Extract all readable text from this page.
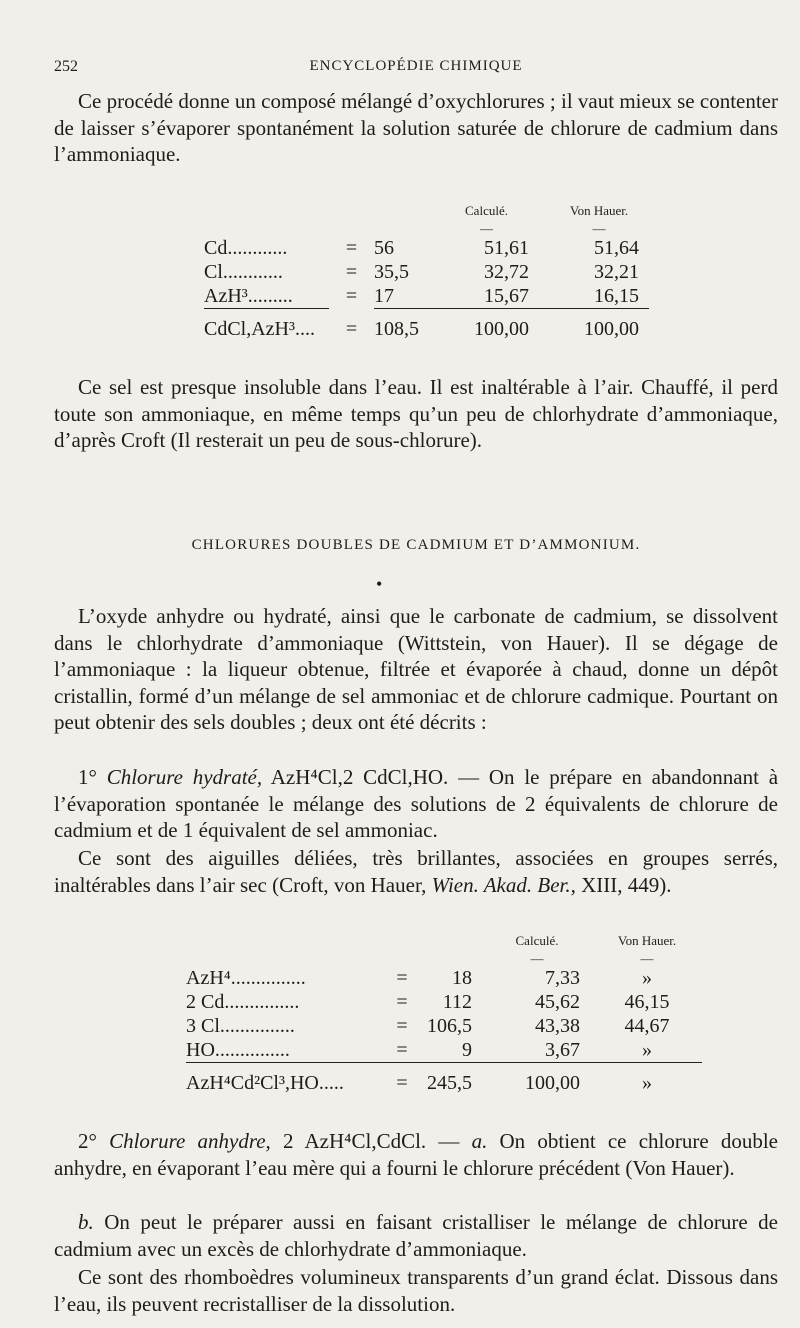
252	ENCYCLOPÉDIE CHIMIQUE

Ce procédé donne un composé mélangé d’oxychlorures ; il vaut mieux se contenter de laisser s’évaporer spontanément la solution saturée de chlorure de cadmium dans l’ammoniaque.

			Calculé.	Von Hauer.
			—	—
Cd............	=	56	51,61	51,64
Cl............	=	35,5	32,72	32,21
AzH³.........	=	17	15,67	16,15

CdCl,AzH³....	=	108,5	100,00	100,00

Ce sel est presque insoluble dans l’eau. Il est inaltérable à l’air. Chauffé, il perd toute son ammoniaque, en même temps qu’un peu de chlorhydrate d’ammoniaque, d’après Croft (Il resterait un peu de sous-chlorure).

CHLORURES DOUBLES DE CADMIUM ET D’AMMONIUM.
•

L’oxyde anhydre ou hydraté, ainsi que le carbonate de cadmium, se dissolvent dans le chlorhydrate d’ammoniaque (Wittstein, von Hauer). Il se dégage de l’ammoniaque : la liqueur obtenue, filtrée et évaporée à chaud, donne un dépôt cristallin, formé d’un mélange de sel ammoniac et de chlorure cadmique. Pourtant on peut obtenir des sels doubles ; deux ont été décrits :

1° Chlorure hydraté, AzH⁴Cl,2 CdCl,HO. — On le prépare en abandonnant à l’évaporation spontanée le mélange des solutions de 2 équivalents de chlorure de cadmium et de 1 équivalent de sel ammoniac.

Ce sont des aiguilles déliées, très brillantes, associées en groupes serrés, inaltérables dans l’air sec (Croft, von Hauer, Wien. Akad. Ber., XIII, 449).

			Calculé.	Von Hauer.
			—	—
AzH⁴...............	=	18	7,33	»
2 Cd...............	=	112	45,62	46,15
3 Cl...............	=	106,5	43,38	44,67
HO...............	=	9	3,67	»

AzH⁴Cd²Cl³,HO.....	=	245,5	100,00	»

2° Chlorure anhydre, 2 AzH⁴Cl,CdCl. — a. On obtient ce chlorure double anhydre, en évaporant l’eau mère qui a fourni le chlorure précédent (Von Hauer).

b. On peut le préparer aussi en faisant cristalliser le mélange de chlorure de cadmium avec un excès de chlorhydrate d’ammoniaque.

Ce sont des rhomboèdres volumineux transparents d’un grand éclat. Dissous dans l’eau, ils peuvent recristalliser de la dissolution.
